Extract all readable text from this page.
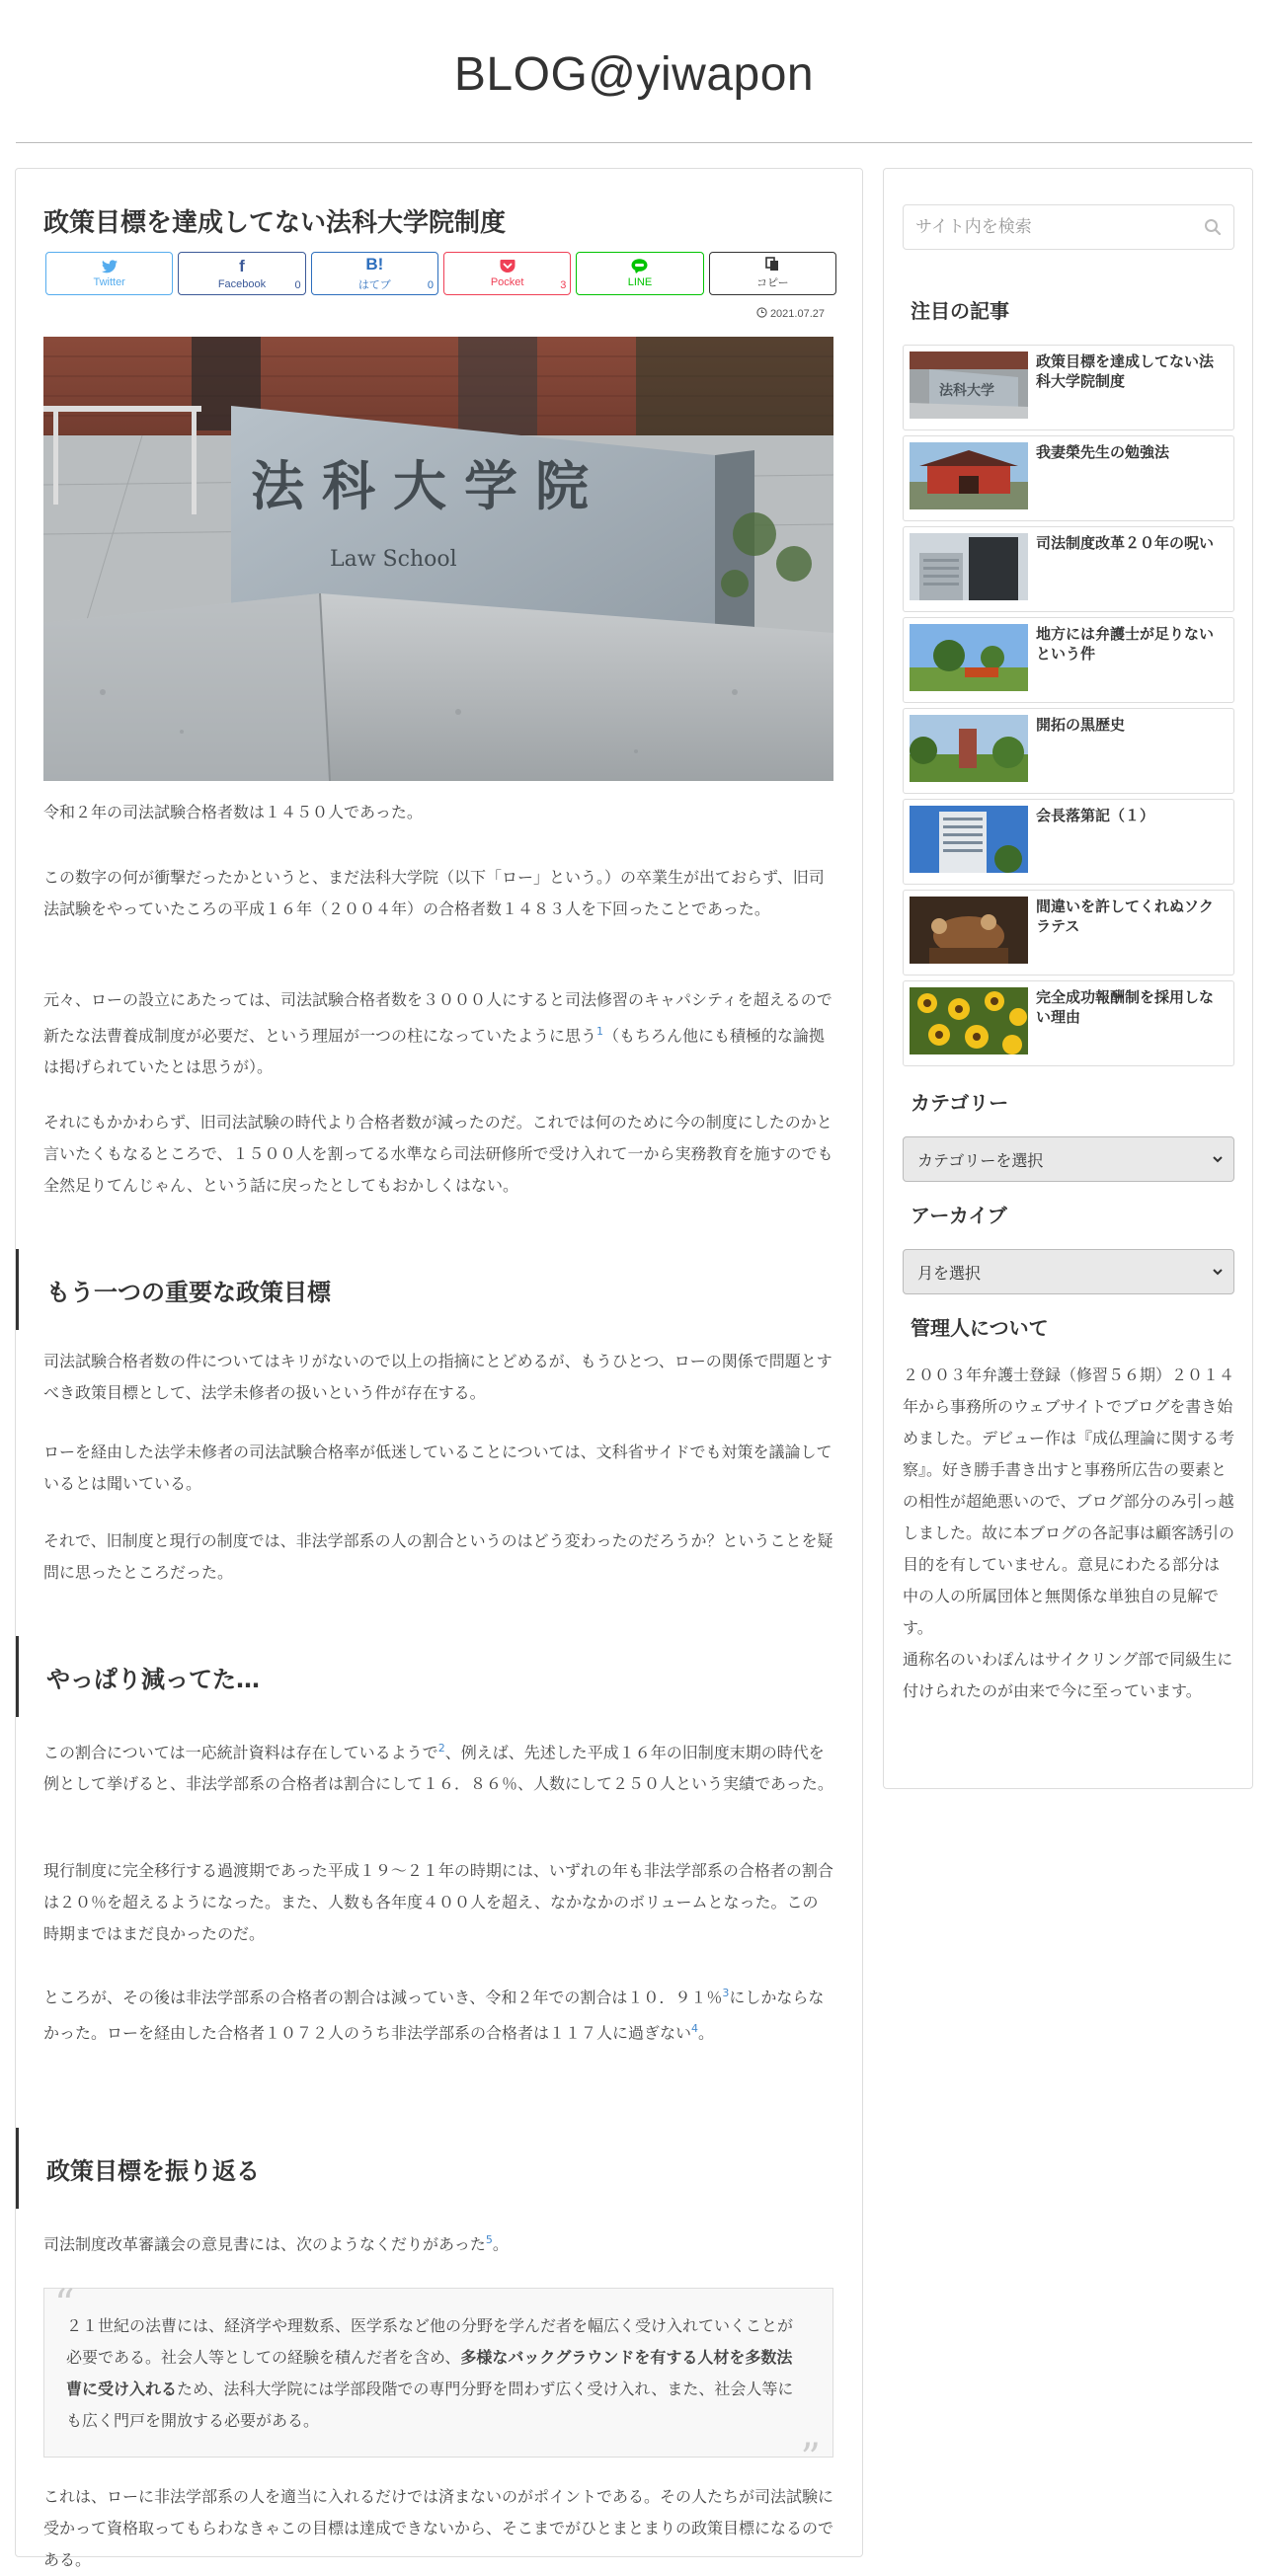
BLOG@yiwapon
政策目標を達成してない法科大学院制度
Twitter
f
Facebook	0
B!
はてブ	0	Pocket	3	LINE	コピー
2021.07.27
法科大学院
Law School

令和２年の司法試験合格者数は１４５０人であった。

この数字の何が衝撃だったかというと、まだ法科大学院（以下「ロー」という。）の卒業生が出ておらず、旧司法試験をやっていたころの平成１６年（２００４年）の合格者数１４８３人を下回ったことであった。

元々、ローの設立にあたっては、司法試験合格者数を３０００人にすると司法修習のキャパシティを超えるので新たな法曹養成制度が必要だ、という理屈が一つの柱になっていたように思う$^1$（もちろん他にも積極的な論拠は掲げられていたとは思うが）。

それにもかかわらず、旧司法試験の時代より合格者数が減ったのだ。これでは何のために今の制度にしたのかと言いたくもなるところで、１５００人を割ってる水準なら司法研修所で受け入れて一から実務教育を施すのでも全然足りてんじゃん、という話に戻ったとしてもおかしくはない。

もう一つの重要な政策目標

司法試験合格者数の件についてはキリがないので以上の指摘にとどめるが、もうひとつ、ローの関係で問題とすべき政策目標として、法学未修者の扱いという件が存在する。

ローを経由した法学未修者の司法試験合格率が低迷していることについては、文科省サイドでも対策を議論しているとは聞いている。

それで、旧制度と現行の制度では、非法学部系の人の割合というのはどう変わったのだろうか？ということを疑問に思ったところだった。

やっぱり減ってた…

この割合については一応統計資料は存在しているようで$^2$、例えば、先述した平成１６年の旧制度末期の時代を例として挙げると、非法学部系の合格者は割合にして１６．８６％、人数にして２５０人という実績であった。

現行制度に完全移行する過渡期であった平成１９～２１年の時期には、いずれの年も非法学部系の合格者の割合は２０％を超えるようになった。また、人数も各年度４００人を超え、なかなかのボリュームとなった。この時期まではまだ良かったのだ。

ところが、その後は非法学部系の合格者の割合は減っていき、令和２年での割合は１０．９１％$^3$にしかならなかった。ローを経由した合格者１０７２人のうち非法学部系の合格者は１１７人に過ぎない$^4$。

政策目標を振り返る

司法制度改革審議会の意見書には、次のようなくだりがあった$^5$。

“
２１世紀の法曹には、経済学や理数系、医学系など他の分野を学んだ者を幅広く受け入れていくことが必要である。社会人等としての経験を積んだ者を含め、多様なバックグラウンドを有する人材を多数法曹に受け入れるため、法科大学院には学部段階での専門分野を問わず広く受け入れ、また、社会人等にも広く門戸を開放する必要がある。
”

これは、ローに非法学部系の人を適当に入れるだけでは済まないのがポイントである。その人たちが司法試験に受かって資格取ってもらわなきゃこの目標は達成できないから、そこまでがひとまとまりの政策目標になるのである。

サイト内を検索
注目の記事
法科大学
政策目標を達成してない法科大学院制度
我妻榮先生の勉強法
司法制度改革２０年の呪い
地方には弁護士が足りないという件
開拓の黒歴史
会長落第記（１）
間違いを許してくれぬソクラテス
完全成功報酬制を採用しない理由
カテゴリー
カテゴリーを選択
アーカイブ
月を選択
管理人について

２００３年弁護士登録（修習５６期）２０１４年から事務所のウェブサイトでブログを書き始めました。デビュー作は『成仏理論に関する考察』。好き勝手書き出すと事務所広告の要素との相性が超絶悪いので、ブログ部分のみ引っ越しました。故に本ブログの各記事は顧客誘引の目的を有していません。意見にわたる部分は中の人の所属団体と無関係な単独自の見解です。

通称名のいわぽんはサイクリング部で同級生に付けられたのが由来で今に至っています。
